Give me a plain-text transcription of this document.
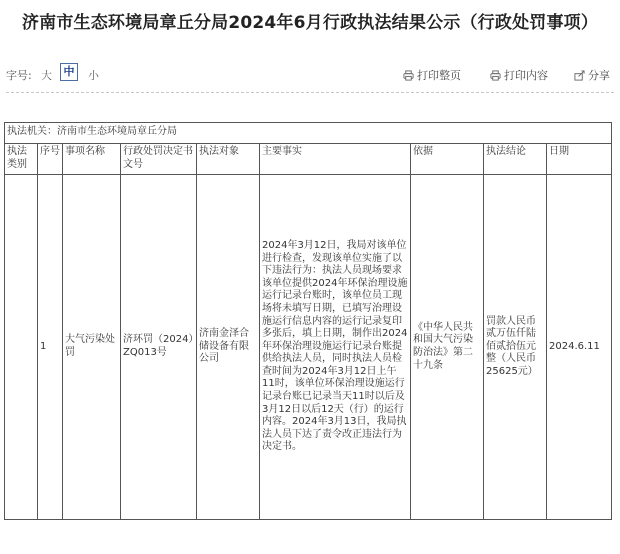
济南市生态环境局章丘分局2024年6月行政执法结果公示（行政处罚事项）
字号: 大	中	小	打印整页	打印内容	分享
执法机关：济南市生态环境局章丘分局								
执法类别	序号	事项名称	行政处罚决定书文号	执法对象	主要事实	依据	执法结论	日期
	1	大气污染处罚	济环罚（2024）ZQ013号	济南金泽合储设备有限公司	2024年3月12日，我局对该单位进行检查，发现该单位实施了以下违法行为：执法人员现场要求该单位提供2024年环保治理设施运行记录台账时，该单位员工现场将未填写日期，已填写治理设施运行信息内容的运行记录复印多张后，填上日期，制作出2024年环保治理设施运行记录台账提供给执法人员，同时执法人员检查时间为2024年3月12日上午11时，该单位环保治理设施运行记录台账已记录当天11时以后及3月12日以后12天（行）的运行内容。2024年3月13日，我局执法人员下达了责令改正违法行为决定书。	《中华人民共和国大气污染防治法》第二十九条	罚款人民币贰万伍仟陆佰贰拾伍元整（人民币25625元）	2024.6.11
